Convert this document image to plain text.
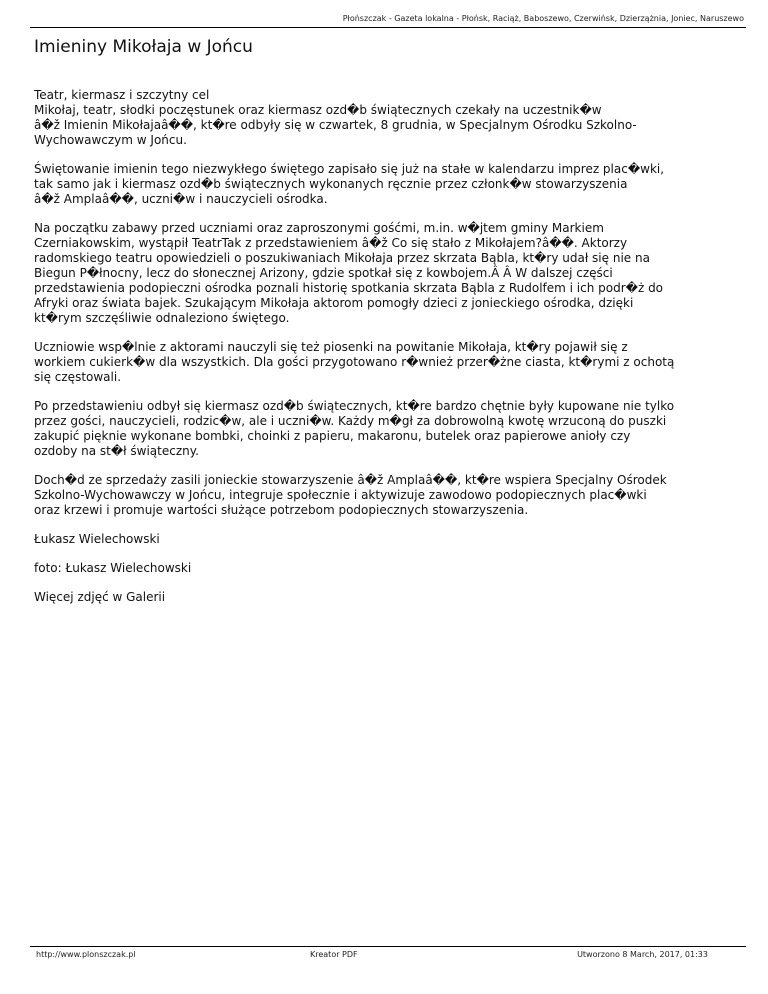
Płońszczak - Gazeta lokalna - Płońsk, Raciąż, Baboszewo, Czerwińsk, Dzierzążnia, Joniec, Naruszewo
Imieniny Mikołaja w Jońcu

Teatr, kiermasz i szczytny cel
Mikołaj, teatr, słodki poczęstunek oraz kiermasz ozd�b świątecznych czekały na uczestnik�w
â�ž Imienin Mikołajaâ��, kt�re odbyły się w czwartek, 8 grudnia, w Specjalnym Ośrodku Szkolno-
Wychowawczym w Jońcu.

Świętowanie imienin tego niezwykłego świętego zapisało się już na stałe w kalendarzu imprez plac�wki,
tak samo jak i kiermasz ozd�b świątecznych wykonanych ręcznie przez członk�w stowarzyszenia
â�ž Amplaâ��, uczni�w i nauczycieli ośrodka.

Na początku zabawy przed uczniami oraz zaproszonymi gośćmi, m.in. w�jtem gminy Markiem
Czerniakowskim, wystąpił TeatrTak z przedstawieniem â�ž Co się stało z Mikołajem?â��. Aktorzy
radomskiego teatru opowiedzieli o poszukiwaniach Mikołaja przez skrzata Bąbla, kt�ry udał się nie na
Biegun P�łnocny, lecz do słonecznej Arizony, gdzie spotkał się z kowbojem.Â Â W dalszej części
przedstawienia podopieczni ośrodka poznali historię spotkania skrzata Bąbla z Rudolfem i ich podr�ż do
Afryki oraz świata bajek. Szukającym Mikołaja aktorom pomogły dzieci z jonieckiego ośrodka, dzięki
kt�rym szczęśliwie odnaleziono świętego.

Uczniowie wsp�lnie z aktorami nauczyli się też piosenki na powitanie Mikołaja, kt�ry pojawił się z
workiem cukierk�w dla wszystkich. Dla gości przygotowano r�wnież przer�żne ciasta, kt�rymi z ochotą
się częstowali.

Po przedstawieniu odbył się kiermasz ozd�b świątecznych, kt�re bardzo chętnie były kupowane nie tylko
przez gości, nauczycieli, rodzic�w, ale i uczni�w. Każdy m�gł za dobrowolną kwotę wrzuconą do puszki
zakupić pięknie wykonane bombki, choinki z papieru, makaronu, butelek oraz papierowe anioły czy
ozdoby na st�ł świąteczny.

Doch�d ze sprzedaży zasili jonieckie stowarzyszenie â�ž Amplaâ��, kt�re wspiera Specjalny Ośrodek
Szkolno-Wychowawczy w Jońcu, integruje społecznie i aktywizuje zawodowo podopiecznych plac�wki
oraz krzewi i promuje wartości służące potrzebom podopiecznych stowarzyszenia.

Łukasz Wielechowski

foto: Łukasz Wielechowski

Więcej zdjęć w Galerii

http://www.plonszczak.pl	Kreator PDF	Utworzono 8 March, 2017, 01:33
